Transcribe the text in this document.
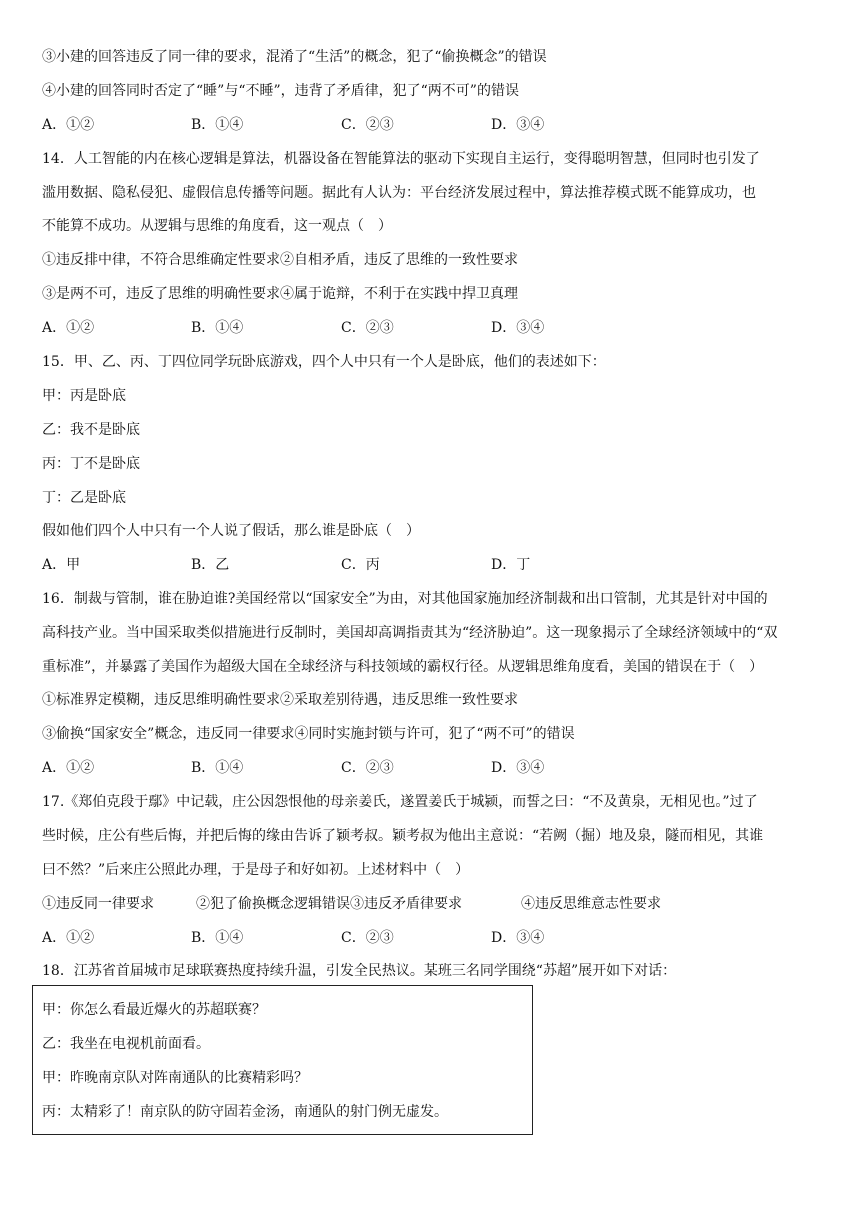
③小建的回答违反了同一律的要求，混淆了“生活”的概念，犯了“偷换概念”的错误
④小建的回答同时否定了“睡”与“不睡”，违背了矛盾律，犯了“两不可”的错误
A．①②	B．①④	C．②③	D．③④
14．人工智能的内在核心逻辑是算法，机器设备在智能算法的驱动下实现自主运行，变得聪明智慧，但同时也引发了
滥用数据、隐私侵犯、虚假信息传播等问题。据此有人认为：平台经济发展过程中，算法推荐模式既不能算成功，也
不能算不成功。从逻辑与思维的角度看，这一观点（　）
①违反排中律，不符合思维确定性要求②自相矛盾，违反了思维的一致性要求
③是两不可，违反了思维的明确性要求④属于诡辩，不利于在实践中捍卫真理
A．①②	B．①④	C．②③	D．③④
15．甲、乙、丙、丁四位同学玩卧底游戏，四个人中只有一个人是卧底，他们的表述如下：
甲：丙是卧底
乙：我不是卧底
丙：丁不是卧底
丁：乙是卧底
假如他们四个人中只有一个人说了假话，那么谁是卧底（　）
A．甲	B．乙	C．丙	D．丁
16．制裁与管制，谁在胁迫谁?美国经常以“国家安全”为由，对其他国家施加经济制裁和出口管制，尤其是针对中国的
高科技产业。当中国采取类似措施进行反制时，美国却高调指责其为“经济胁迫”。这一现象揭示了全球经济领域中的“双
重标准”，并暴露了美国作为超级大国在全球经济与科技领域的霸权行径。从逻辑思维角度看，美国的错误在于（　）
①标准界定模糊，违反思维明确性要求②采取差别待遇，违反思维一致性要求
③偷换“国家安全”概念，违反同一律要求④同时实施封锁与许可，犯了“两不可”的错误
A．①②	B．①④	C．②③	D．③④
17.《郑伯克段于鄢》中记载，庄公因怨恨他的母亲姜氏，遂置姜氏于城颍，而誓之曰：“不及黄泉，无相见也。”过了
些时候，庄公有些后悔，并把后悔的缘由告诉了颖考叔。颖考叔为他出主意说：“若阙（掘）地及泉，隧而相见，其谁
曰不然？”后来庄公照此办理，于是母子和好如初。上述材料中（　）
①违反同一律要求	②犯了偷换概念逻辑错误 ③违反矛盾律要求	④违反思维意志性要求
A．①②	B．①④	C．②③	D．③④
18．江苏省首届城市足球联赛热度持续升温，引发全民热议。某班三名同学围绕“苏超”展开如下对话：
甲：你怎么看最近爆火的苏超联赛？
乙：我坐在电视机前面看。
甲：昨晚南京队对阵南通队的比赛精彩吗？
丙：太精彩了！南京队的防守固若金汤，南通队的射门例无虚发。
